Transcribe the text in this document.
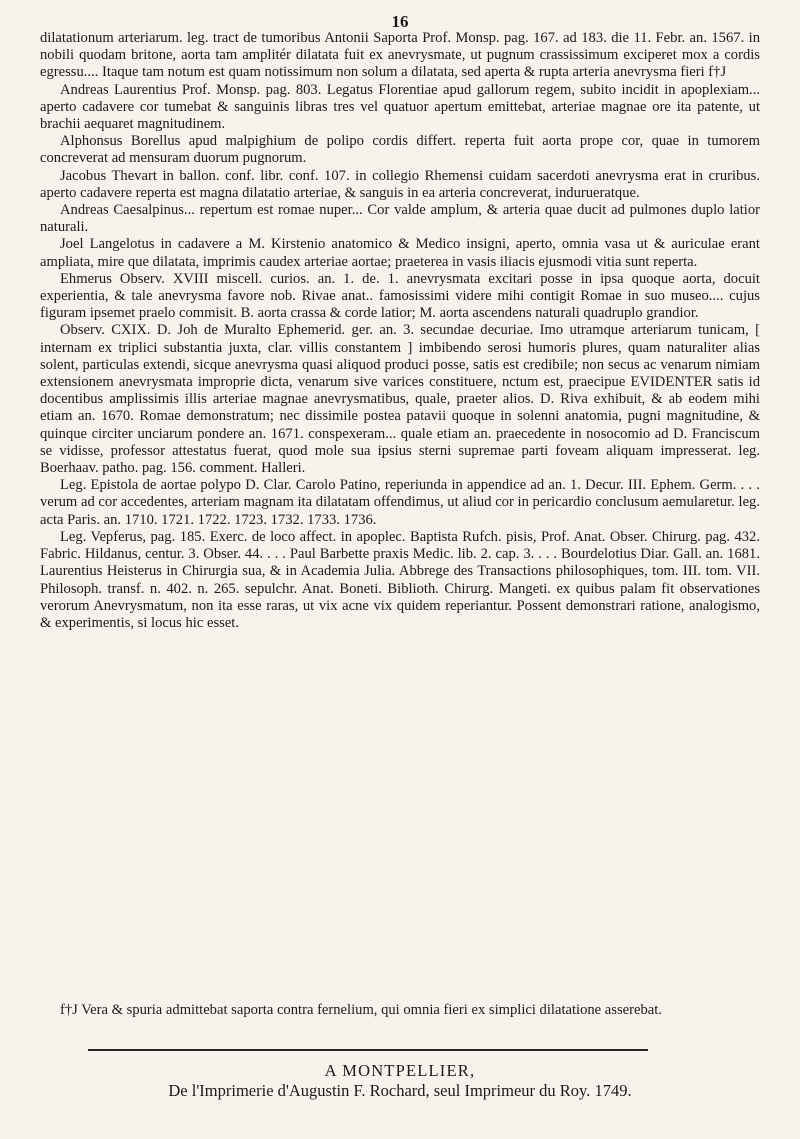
16

dilatationum arteriarum. leg. tract de tumoribus Antonii Saporta Prof. Monsp. pag. 167. ad 183. die 11. Febr. an. 1567. in nobili quodam britone, aorta tam amplitér dilatata fuit ex anevrysmate, ut pugnum crassissimum exciperet mox a cordis egressu.... Itaque tam notum est quam notissimum non solum a dilatata, sed aperta & rupta arteria anevrysma fieri f†J

Andreas Laurentius Prof. Monsp. pag. 803. Legatus Florentiae apud gallorum regem, subito incidit in apoplexiam... aperto cadavere cor tumebat & sanguinis libras tres vel quatuor apertum emittebat, arteriae magnae ore ita patente, ut brachii aequaret magnitudinem.

Alphonsus Borellus apud malpighium de polipo cordis differt. reperta fuit aorta prope cor, quae in tumorem concreverat ad mensuram duorum pugnorum.

Jacobus Thevart in ballon. conf. libr. conf. 107. in collegio Rhemensi cuidam sacerdoti anevrysma erat in cruribus. aperto cadavere reperta est magna dilatatio arteriae, & sanguis in ea arteria concreverat, indurueratque.

Andreas Caesalpinus... repertum est romae nuper... Cor valde amplum, & arteria quae ducit ad pulmones duplo latior naturali.

Joel Langelotus in cadavere a M. Kirstenio anatomico & Medico insigni, aperto, omnia vasa ut & auriculae erant ampliata, mire que dilatata, imprimis caudex arteriae aortae; praeterea in vasis iliacis ejusmodi vitia sunt reperta.

Ehmerus Observ. XVIII miscell. curios. an. 1. de. 1. anevrysmata excitari posse in ipsa quoque aorta, docuit experientia, & tale anevrysma favore nob. Rivae anat.. famosissimi videre mihi contigit Romae in suo museo.... cujus figuram ipsemet praelo commisit. B. aorta crassa & corde latior; M. aorta ascendens naturali quadruplo grandior.

Observ. CXIX. D. Joh de Muralto Ephemerid. ger. an. 3. secundae decuriae. Imo utramque arteriarum tunicam, [ internam ex triplici substantia juxta, clar. villis constantem ] imbibendo serosi humoris plures, quam naturaliter alias solent, particulas extendi, sicque anevrysma quasi aliquod produci posse, satis est credibile; non secus ac venarum nimiam extensionem anevrysmata improprie dicta, venarum sive varices constituere, nctum est, praecipue EVIDENTER satis id docentibus amplissimis illis arteriae magnae anevrysmatibus, quale, praeter alios. D. Riva exhibuit, & ab eodem mihi etiam an. 1670. Romae demonstratum; nec dissimile postea patavii quoque in solenni anatomia, pugni magnitudine, & quinque circiter unciarum pondere an. 1671. conspexeram... quale etiam an. praecedente in nosocomio ad D. Franciscum se vidisse, professor attestatus fuerat, quod mole sua ipsius sterni supremae parti foveam aliquam impresserat. leg. Boerhaav. patho. pag. 156. comment. Halleri.

Leg. Epistola de aortae polypo D. Clar. Carolo Patino, reperiunda in appendice ad an. 1. Decur. III. Ephem. Germ. . . . verum ad cor accedentes, arteriam magnam ita dilatatam offendimus, ut aliud cor in pericardio conclusum aemularetur. leg. acta Paris. an. 1710. 1721. 1722. 1723. 1732. 1733. 1736.

Leg. Vepferus, pag. 185. Exerc. de loco affect. in apoplec. Baptista Rufch. pisis, Prof. Anat. Obser. Chirurg. pag. 432. Fabric. Hildanus, centur. 3. Obser. 44. . . . Paul Barbette praxis Medic. lib. 2. cap. 3. . . . Bourdelotius Diar. Gall. an. 1681. Laurentius Heisterus in Chirurgia sua, & in Academia Julia. Abbrege des Transactions philosophiques, tom. III. tom. VII. Philosoph. transf. n. 402. n. 265. sepulchr. Anat. Boneti. Biblioth. Chirurg. Mangeti. ex quibus palam fit observationes verorum Anevrysmatum, non ita esse raras, ut vix acne vix quidem reperiantur. Possent demonstrari ratione, analogismo, & experimentis, si locus hic esset.

f†J Vera & spuria admittebat saporta contra fernelium, qui omnia fieri ex simplici dilatatione asserebat.

A MONTPELLIER,
De l'Imprimerie d'Augustin F. Rochard, seul Imprimeur du Roy. 1749.
